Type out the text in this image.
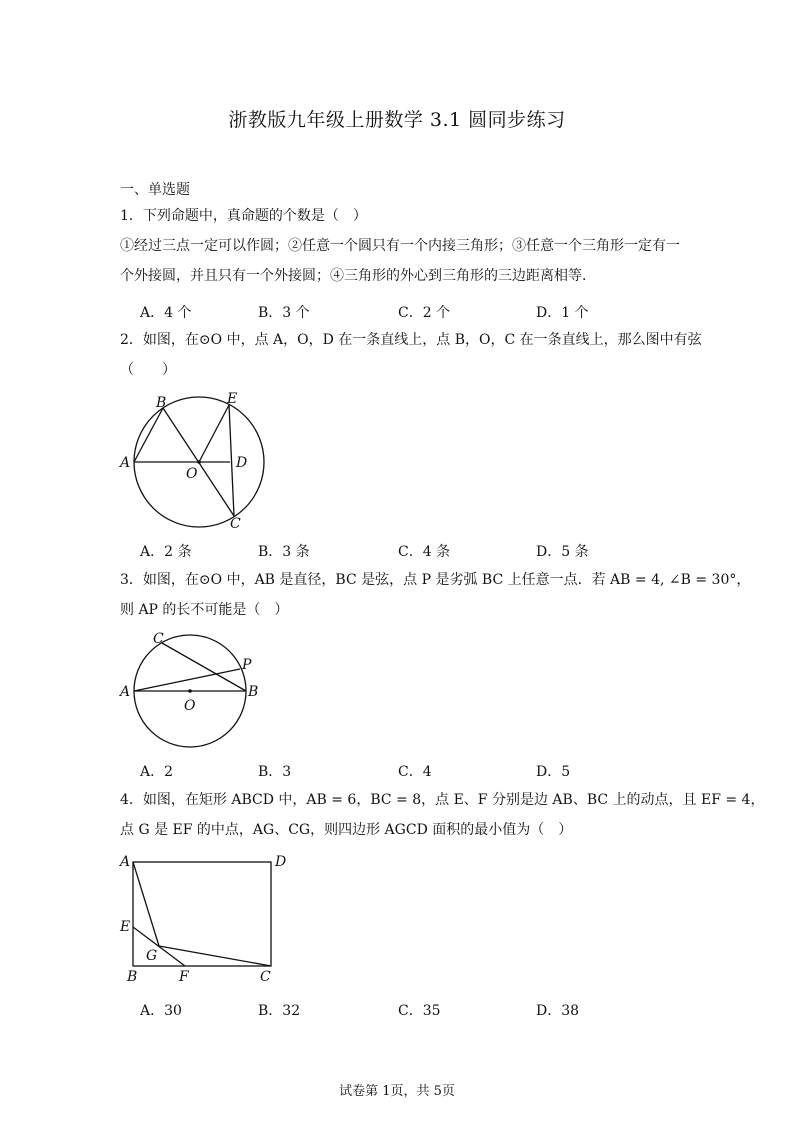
浙教版九年级上册数学 3.1 圆同步练习
一、单选题
1．下列命题中，真命题的个数是（　）
①经过三点一定可以作圆；②任意一个圆只有一个内接三角形；③任意一个三角形一定有一
个外接圆，并且只有一个外接圆；④三角形的外心到三角形的三边距离相等.
A．4 个	B．3 个	C．2 个	D．1 个
2．如图，在⊙O 中，点 A，O，D 在一条直线上，点 B，O，C 在一条直线上，那么图中有弦
（　　）
B	E
A	D
O
C
A．2 条	B．3 条	C．4 条	D．5 条
3．如图，在⊙O 中，AB 是直径，BC 是弦，点 P 是劣弧 BC 上任意一点．若 AB = 4, ∠B = 30°，
则 AP 的长不可能是（　）
C
P
A	B
O
A．2	B．3	C．4	D．5
4．如图，在矩形 ABCD 中，AB = 6，BC = 8，点 E、F 分别是边 AB、BC 上的动点，且 EF = 4，
点 G 是 EF 的中点，AG、CG，则四边形 AGCD 面积的最小值为（　）
A	D
E
G
B	F	C
A．30	B．32	C．35	D．38
试卷第 1页，共 5页
